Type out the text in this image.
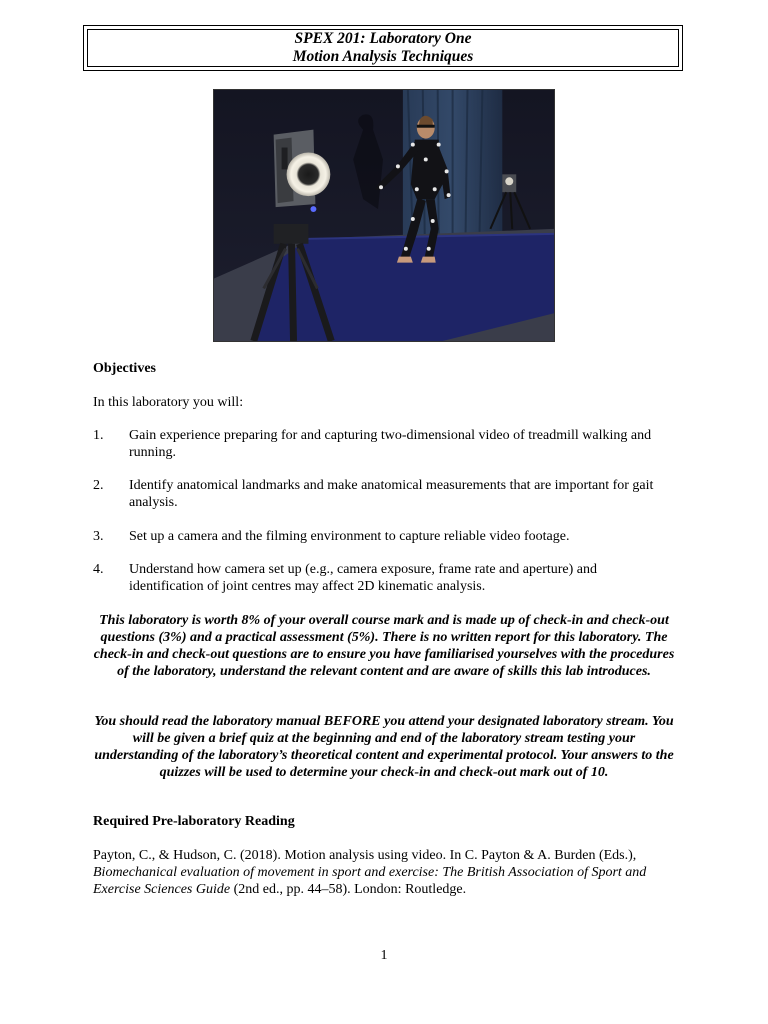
SPEX 201: Laboratory One
Motion Analysis Techniques
Objectives
In this laboratory you will:
1. Gain experience preparing for and capturing two-dimensional video of treadmill walking and running.
2. Identify anatomical landmarks and make anatomical measurements that are important for gait analysis.
3. Set up a camera and the filming environment to capture reliable video footage.
4. Understand how camera set up (e.g., camera exposure, frame rate and aperture) and identification of joint centres may affect 2D kinematic analysis.
This laboratory is worth 8% of your overall course mark and is made up of check-in and check-out questions (3%) and a practical assessment (5%). There is no written report for this laboratory. The check-in and check-out questions are to ensure you have familiarised yourselves with the procedures of the laboratory, understand the relevant content and are aware of skills this lab introduces.
You should read the laboratory manual BEFORE you attend your designated laboratory stream. You will be given a brief quiz at the beginning and end of the laboratory stream testing your understanding of the laboratory’s theoretical content and experimental protocol. Your answers to the quizzes will be used to determine your check-in and check-out mark out of 10.
Required Pre-laboratory Reading
Payton, C., & Hudson, C. (2018). Motion analysis using video. In C. Payton & A. Burden (Eds.), Biomechanical evaluation of movement in sport and exercise: The British Association of Sport and Exercise Sciences Guide (2nd ed., pp. 44–58). London: Routledge.
1
